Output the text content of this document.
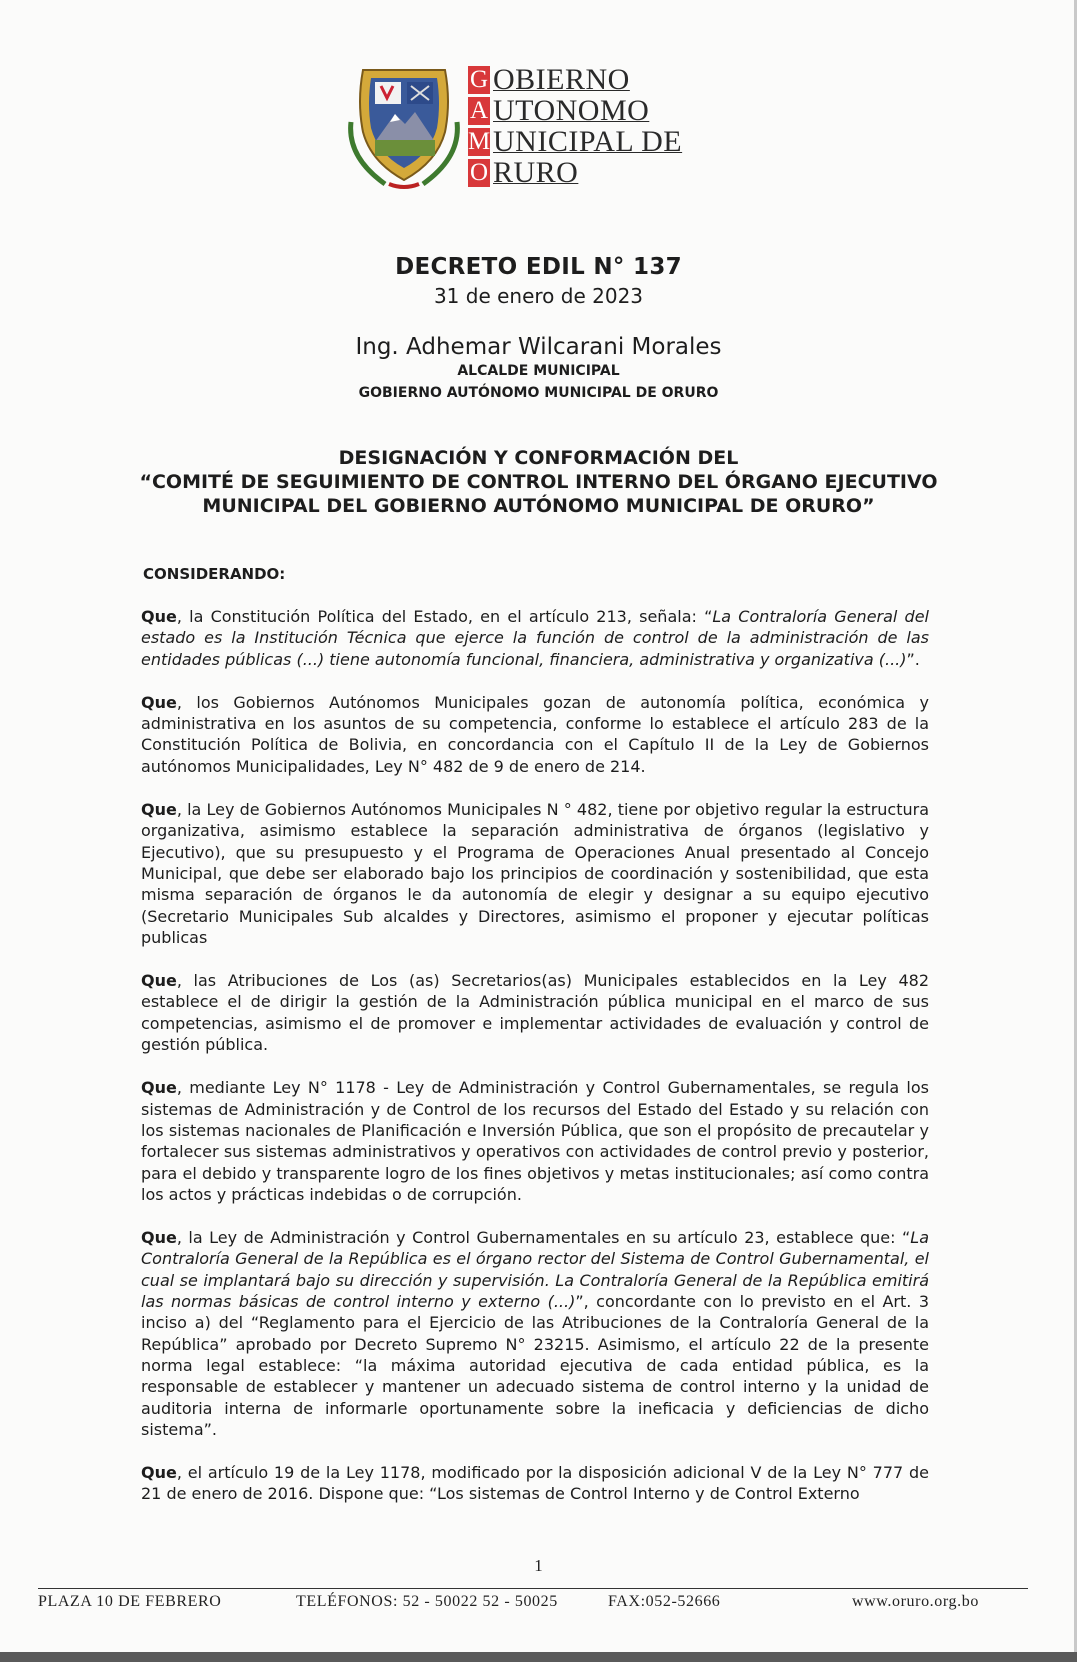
G
A
M
O
OBIERNO
UTONOMO
UNICIPAL DE
RURO
DECRETO EDIL N° 137
31 de enero de 2023
Ing. Adhemar Wilcarani Morales
ALCALDE MUNICIPAL
GOBIERNO AUTÓNOMO MUNICIPAL DE ORURO
DESIGNACIÓN Y CONFORMACIÓN DEL
“COMITÉ DE SEGUIMIENTO DE CONTROL INTERNO DEL ÓRGANO EJECUTIVO
MUNICIPAL DEL GOBIERNO AUTÓNOMO MUNICIPAL DE ORURO”
CONSIDERANDO:

Que, la Constitución Política del Estado, en el artículo 213, señala: “La Contraloría General del estado es la Institución Técnica que ejerce la función de control de la administración de las entidades públicas (...) tiene autonomía funcional, financiera, administrativa y organizativa (...)”.

Que, los Gobiernos Autónomos Municipales gozan de autonomía política, económica y administrativa en los asuntos de su competencia, conforme lo establece el artículo 283 de la Constitución Política de Bolivia, en concordancia con el Capítulo II de la Ley de Gobiernos autónomos Municipalidades, Ley N° 482 de 9 de enero de 214.

Que, la Ley de Gobiernos Autónomos Municipales N ° 482, tiene por objetivo regular la estructura organizativa, asimismo establece la separación administrativa de órganos (legislativo y Ejecutivo), que su presupuesto y el Programa de Operaciones Anual presentado al Concejo Municipal, que debe ser elaborado bajo los principios de coordinación y sostenibilidad, que esta misma separación de órganos le da autonomía de elegir y designar a su equipo ejecutivo (Secretario Municipales Sub alcaldes y Directores, asimismo el proponer y ejecutar políticas publicas

Que, las Atribuciones de Los (as) Secretarios(as) Municipales establecidos en la Ley 482 establece el de dirigir la gestión de la Administración pública municipal en el marco de sus competencias, asimismo el de promover e implementar actividades de evaluación y control de gestión pública.

Que, mediante Ley N° 1178 - Ley de Administración y Control Gubernamentales, se regula los sistemas de Administración y de Control de los recursos del Estado del Estado y su relación con los sistemas nacionales de Planificación e Inversión Pública, que son el propósito de precautelar y fortalecer sus sistemas administrativos y operativos con actividades de control previo y posterior, para el debido y transparente logro de los fines objetivos y metas institucionales; así como contra los actos y prácticas indebidas o de corrupción.

Que, la Ley de Administración y Control Gubernamentales en su artículo 23, establece que: “La Contraloría General de la República es el órgano rector del Sistema de Control Gubernamental, el cual se implantará bajo su dirección y supervisión. La Contraloría General de la República emitirá las normas básicas de control interno y externo (...)”, concordante con lo previsto en el Art. 3 inciso a) del “Reglamento para el Ejercicio de las Atribuciones de la Contraloría General de la República” aprobado por Decreto Supremo N° 23215. Asimismo, el artículo 22 de la presente norma legal establece: “la máxima autoridad ejecutiva de cada entidad pública, es la responsable de establecer y mantener un adecuado sistema de control interno y la unidad de auditoria interna de informarle oportunamente sobre la ineficacia y deficiencias de dicho sistema”.

Que, el artículo 19 de la Ley 1178, modificado por la disposición adicional V de la Ley N° 777 de 21 de enero de 2016. Dispone que: “Los sistemas de Control Interno y de Control Externo

1
PLAZA 10 DE FEBRERO	TELÉFONOS: 52 - 50022 52 - 50025	FAX:052-52666	www.oruro.org.bo
